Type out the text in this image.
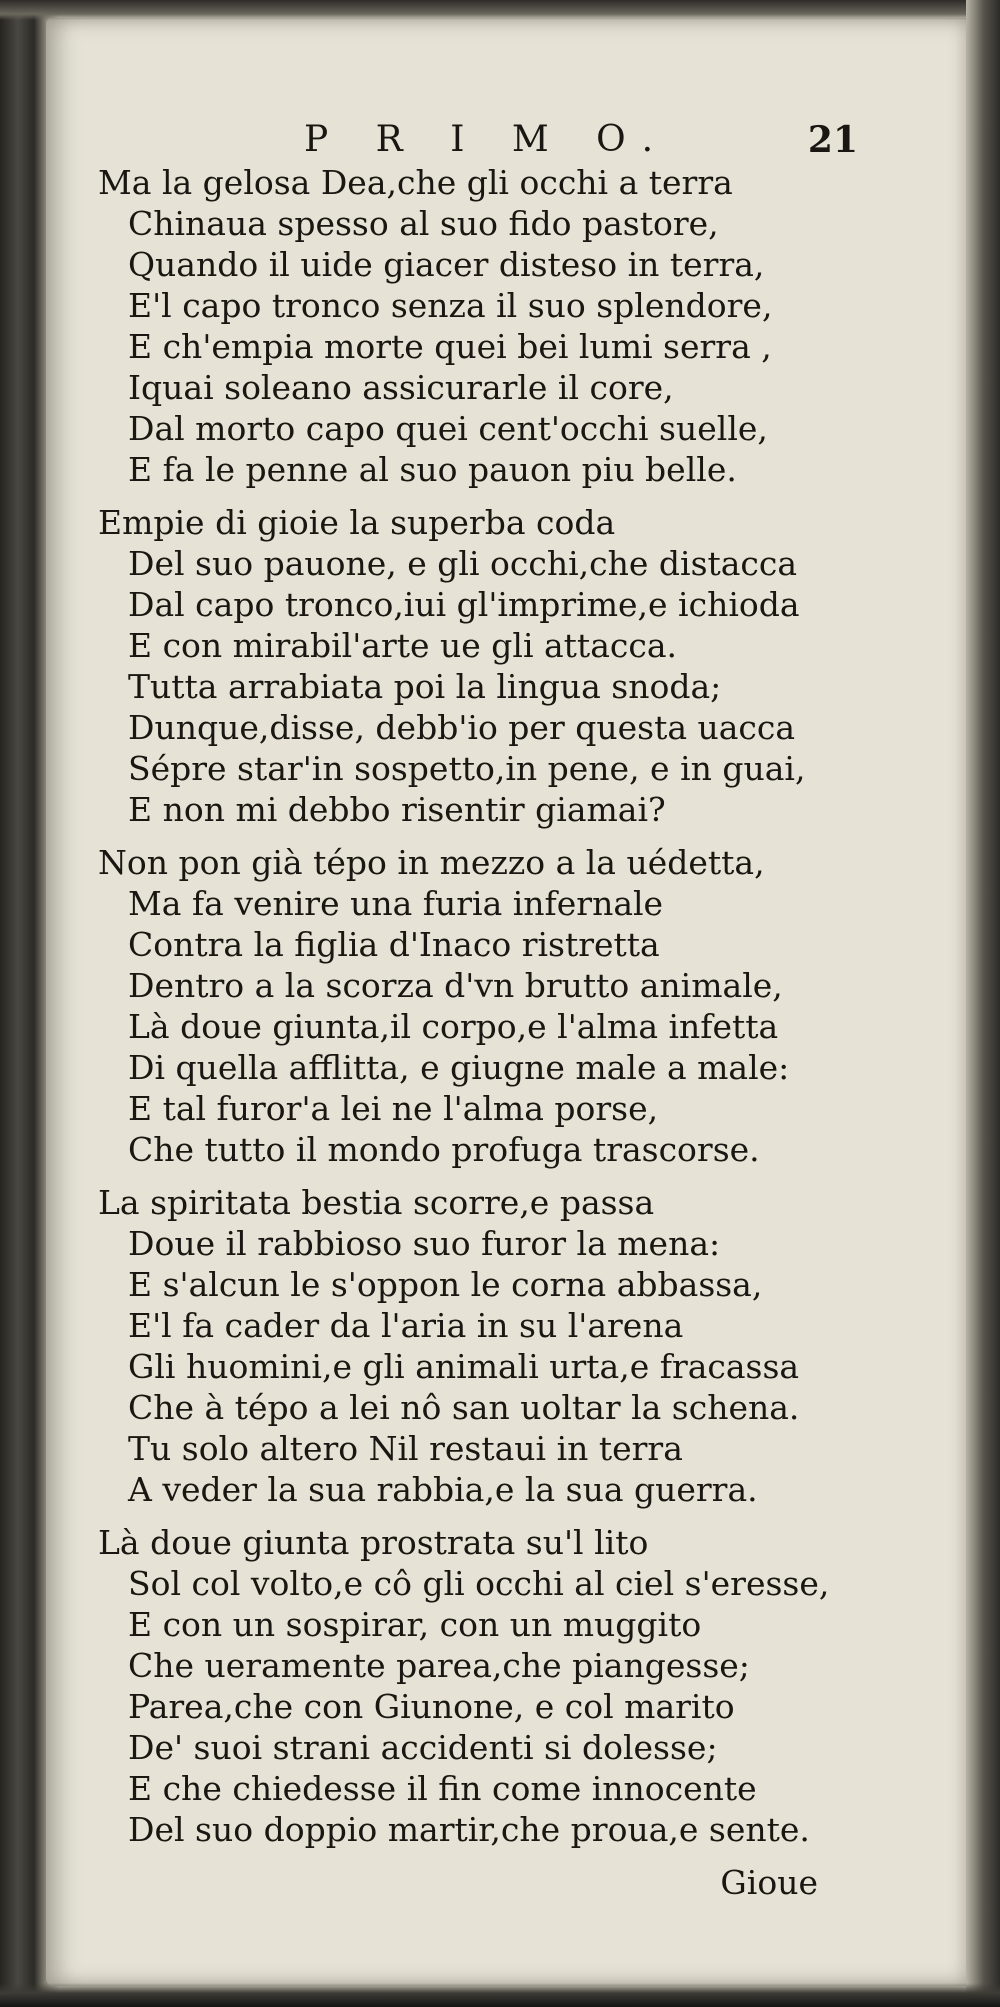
P R I M O.	21
Ma la gelosa Dea,che gli occhi a terra
Chinaua spesso al suo fido pastore,
Quando il uide giacer disteso in terra,
E'l capo tronco senza il suo splendore,
E ch'empia morte quei bei lumi serra ,
Iquai soleano assicurarle il core,
Dal morto capo quei cent'occhi suelle,
E fa le penne al suo pauon piu belle.
Empie di gioie la superba coda
Del suo pauone, e gli occhi,che distacca
Dal capo tronco,iui gl'imprime,e ichioda
E con mirabil'arte ue gli attacca.
Tutta arrabiata poi la lingua snoda;
Dunque,disse, debb'io per questa uacca
Sépre star'in sospetto,in pene, e in guai,
E non mi debbo risentir giamai?
Non pon già tépo in mezzo a la uédetta,
Ma fa venire una furia infernale
Contra la figlia d'Inaco ristretta
Dentro a la scorza d'vn brutto animale,
Là doue giunta,il corpo,e l'alma infetta
Di quella afflitta, e giugne male a male:
E tal furor'a lei ne l'alma porse,
Che tutto il mondo profuga trascorse.
La spiritata bestia scorre,e passa
Doue il rabbioso suo furor la mena:
E s'alcun le s'oppon le corna abbassa,
E'l fa cader da l'aria in su l'arena
Gli huomini,e gli animali urta,e fracassa
Che à tépo a lei nô san uoltar la schena.
Tu solo altero Nil restaui in terra
A veder la sua rabbia,e la sua guerra.
Là doue giunta prostrata su'l lito
Sol col volto,e cô gli occhi al ciel s'eresse,
E con un sospirar, con un muggito
Che ueramente parea,che piangesse;
Parea,che con Giunone, e col marito
De' suoi strani accidenti si dolesse;
E che chiedesse il fin come innocente
Del suo doppio martir,che proua,e sente.
Gioue
